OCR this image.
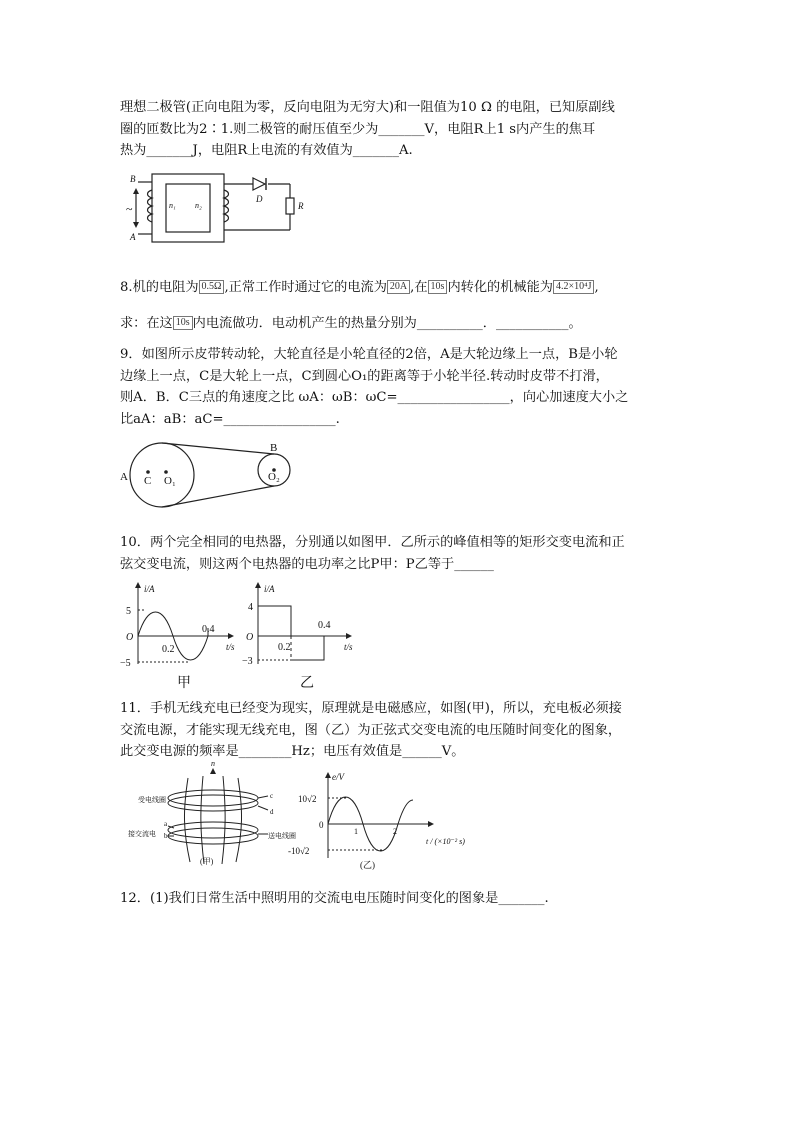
理想二极管(正向电阻为零，反向电阻为无穷大)和一阻值为10 Ω 的电阻，已知原副线
圈的匝数比为2∶1.则二极管的耐压值至少为_______V，电阻R上1 s内产生的焦耳
热为_______J，电阻R上电流的有效值为_______A.
B
A
~	n₁ n₂
D
R
8.机的电阻为 0.5Ω ,正常工作时通过它的电流为 20A ,在 10s 内转化的机械能为 4.2×10⁴J ,
求：在这 10s 内电流做功．电动机产生的热量分别为__________．___________。
9．如图所示皮带转动轮，大轮直径是小轮直径的2倍，A是大轮边缘上一点，B是小轮
边缘上一点，C是大轮上一点，C到圆心O₁的距离等于小轮半径.转动时皮带不打滑，
则A．B．C三点的角速度之比 ωA：ωB：ωC=_________________，向心加速度大小之
比aA：aB：aC=_________________.
A C O₁
B
O₂
10．两个完全相同的电热器，分别通以如图甲．乙所示的峰值相等的矩形交变电流和正
弦交变电流，则这两个电热器的电功率之比P甲：P乙等于______
i/A
5
−5
O
0.2
0.4
t/s
i/A
4
−3
O
0.2
0.4
t/s
甲	乙
11．手机无线充电已经变为现实，原理就是电磁感应，如图(甲)，所以，充电板必须接
交流电源，才能实现无线充电，图（乙）为正弦式交变电流的电压随时间变化的图象，
此交变电源的频率是________Hz；电压有效值是______V。
n
受电线圈
接交流电
c
d
a
b	送电线圈
(甲)
e/V
10√2
-10√2
0
1	2
t / (×10⁻² s)
(乙)
12．(1)我们日常生活中照明用的交流电电压随时间变化的图象是_______.
